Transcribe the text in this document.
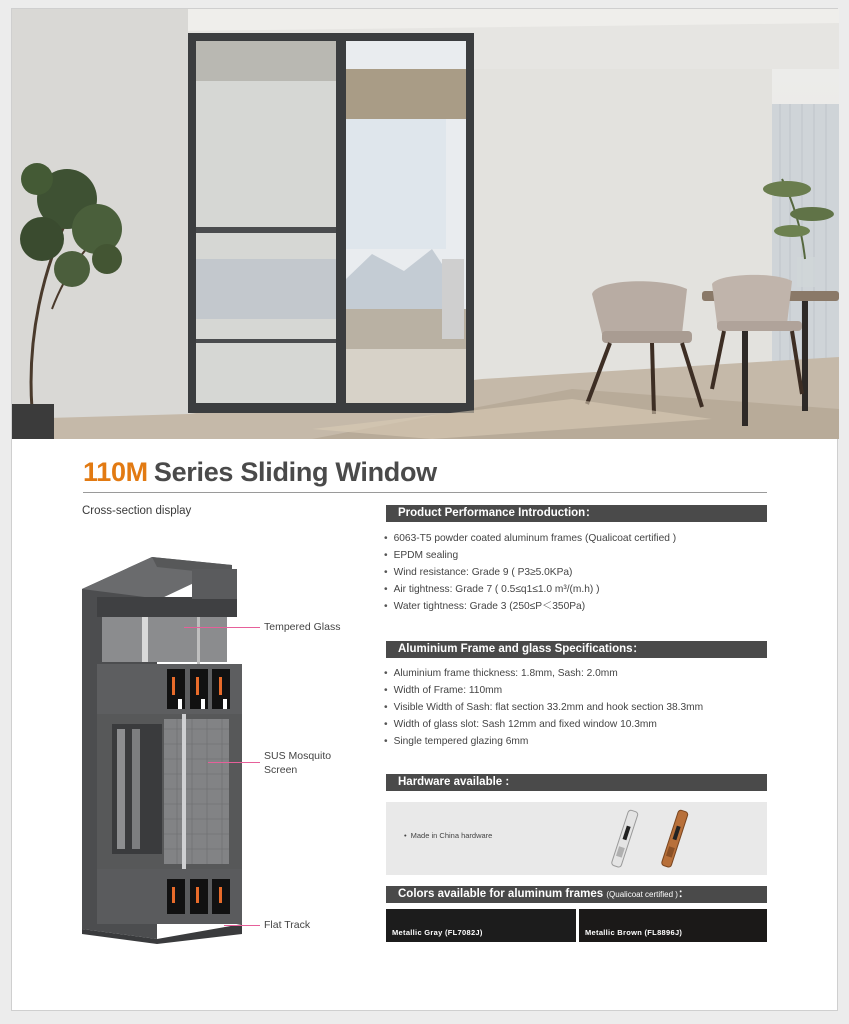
110M Series Sliding Window
Cross-section display
Tempered Glass
SUS Mosquito
Screen
Flat Track
Product Performance Introduction：
• 6063-T5 powder coated aluminum frames (Qualicoat certified )
• EPDM sealing
• Wind resistance: Grade 9 ( P3≥5.0KPa)
• Air tightness: Grade 7 ( 0.5≤q1≤1.0 m³/(m.h) )
• Water tightness: Grade 3 (250≤P＜350Pa)
Aluminium Frame and glass Specifications：
• Aluminium frame thickness: 1.8mm, Sash: 2.0mm
• Width of Frame: 110mm
• Visible Width of Sash: flat section 33.2mm and hook section 38.3mm
• Width of glass slot: Sash 12mm and fixed window 10.3mm
• Single tempered glazing 6mm
Hardware available :
• Made in China hardware
Colors available for aluminum frames (Qualicoat certified )：
Metallic Gray (FL7082J)	Metallic Brown (FL8896J)
